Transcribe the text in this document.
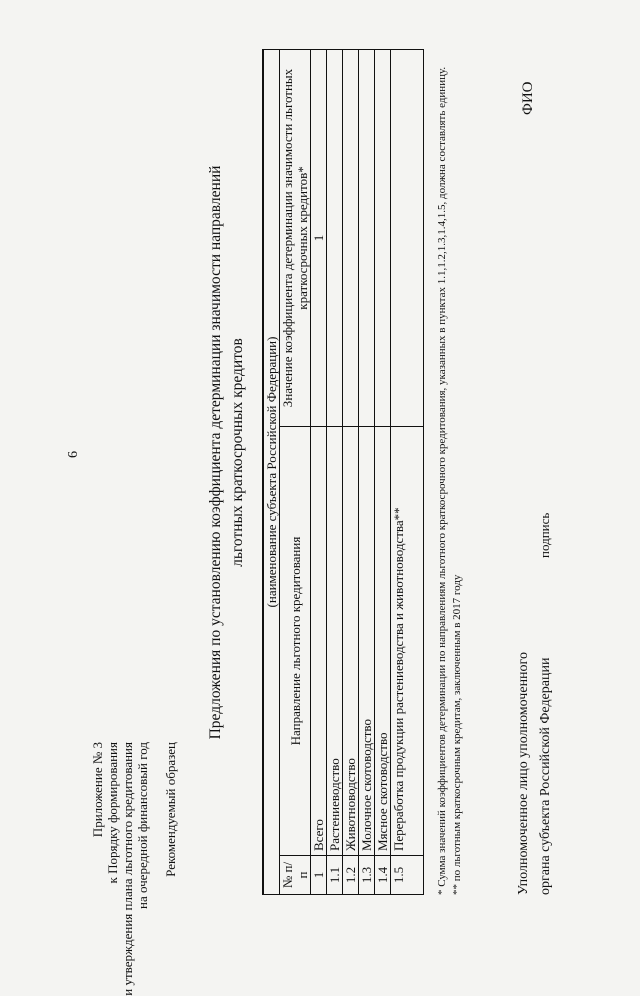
6
Приложение № 3 к Порядку формирования и утверждения плана льготного кредитования на очередной финансовый год Рекомендуемый образец
Предложения по установлению коэффициента детерминации значимости направлений льготных краткосрочных кредитов (наименование субъекта Российской Федерации)		
№ п/п	Направление льготного кредитования	Значение коэффициента детерминации значимости льготных краткосрочных кредитов*
1	Всего	1
1.1	Растениеводство	
1.2	Животноводство	
1.3	Молочное скотоводство	
1.4	Мясное скотоводство	
1.5	Переработка продукции растениеводства и животноводства**		* Сумма значений коэффициентов детерминации по направлениям льготного краткосрочного кредитования, указанных в пунктах 1.1,1.2,1.3,1.4,1.5, должна составлять единицу. ** по льготным краткосрочным кредитам, заключенным в 2017 году	Уполномоченное лицо уполномоченного органа субъекта Российской Федерации
подпись
ФИО
